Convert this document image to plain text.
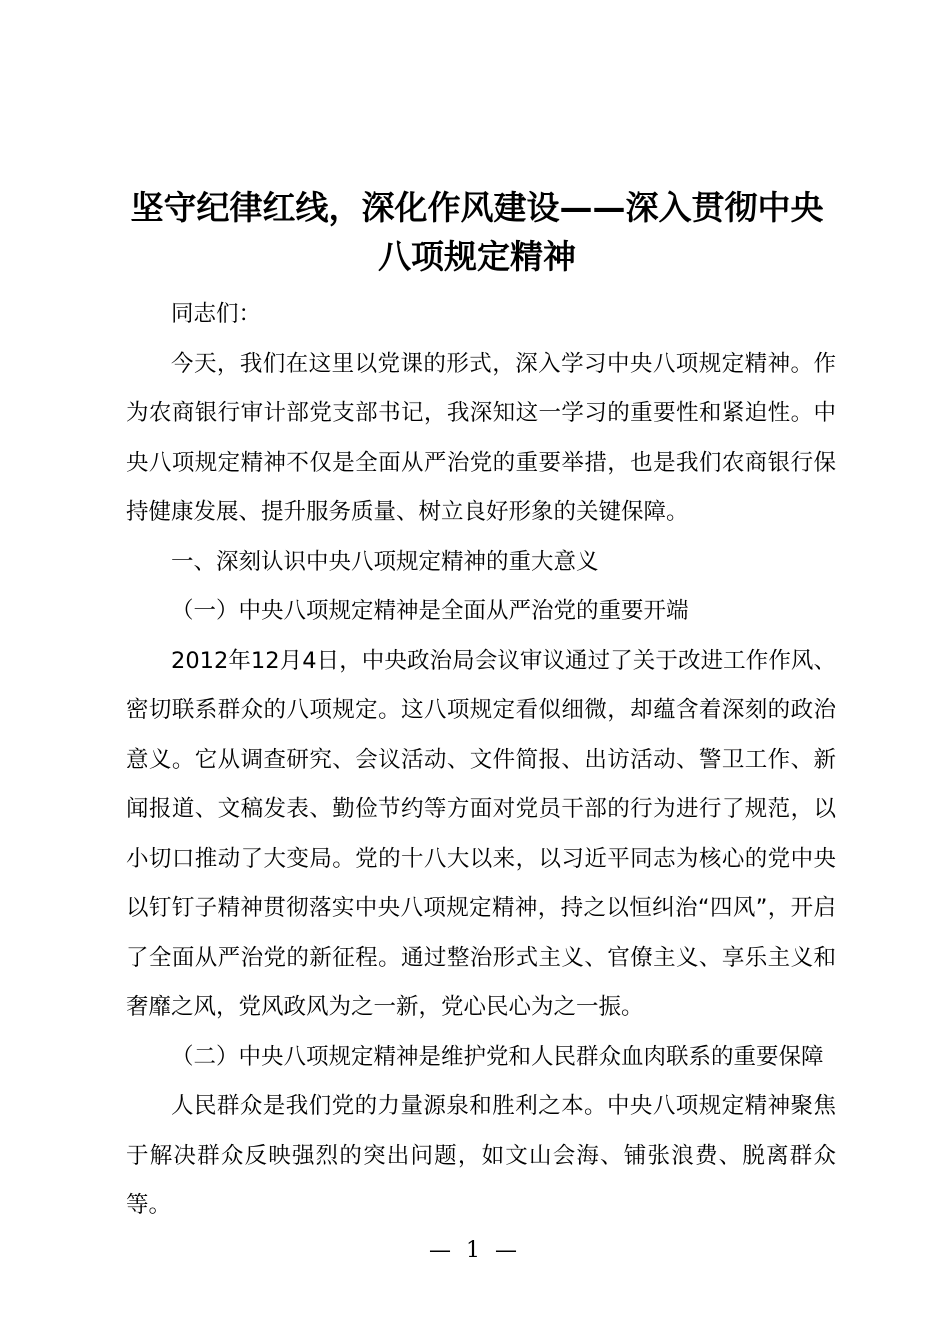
坚守纪律红线，深化作风建设——深入贯彻中央八项规定精神

同志们：

今天，我们在这里以党课的形式，深入学习中央八项规定精神。作为农商银行审计部党支部书记，我深知这一学习的重要性和紧迫性。中央八项规定精神不仅是全面从严治党的重要举措，也是我们农商银行保持健康发展、提升服务质量、树立良好形象的关键保障。

一、深刻认识中央八项规定精神的重大意义

（一）中央八项规定精神是全面从严治党的重要开端

2012年12月4日，中央政治局会议审议通过了关于改进工作作风、密切联系群众的八项规定。这八项规定看似细微，却蕴含着深刻的政治意义。它从调查研究、会议活动、文件简报、出访活动、警卫工作、新闻报道、文稿发表、勤俭节约等方面对党员干部的行为进行了规范，以小切口推动了大变局。党的十八大以来，以习近平同志为核心的党中央以钉钉子精神贯彻落实中央八项规定精神，持之以恒纠治“四风”，开启了全面从严治党的新征程。通过整治形式主义、官僚主义、享乐主义和奢靡之风，党风政风为之一新，党心民心为之一振。

（二）中央八项规定精神是维护党和人民群众血肉联系的重要保障

人民群众是我们党的力量源泉和胜利之本。中央八项规定精神聚焦于解决群众反映强烈的突出问题，如文山会海、铺张浪费、脱离群众等。

— 1 —
